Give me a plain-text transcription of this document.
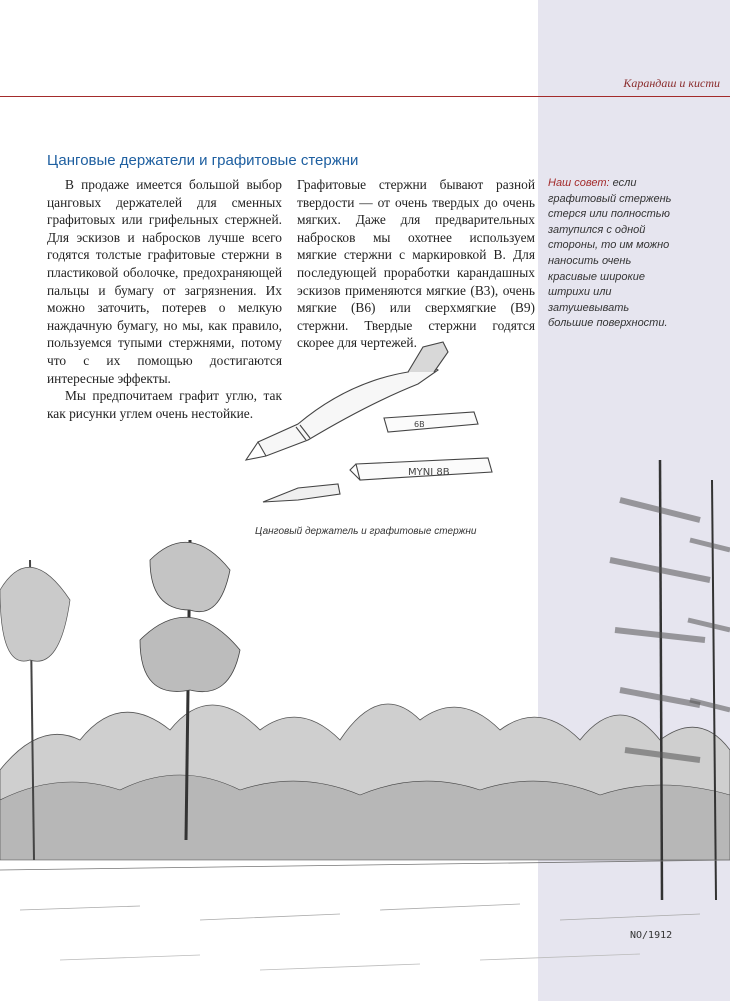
Карандаш и кисти
Цанговые держатели и графитовые стержни

В продаже имеется большой выбор цанговых держателей для сменных графитовых или грифельных стержней. Для эскизов и набросков лучше всего годятся толстые графитовые стержни в пластиковой оболочке, предохраняющей пальцы и бумагу от загрязнения. Их можно заточить, потерев о мелкую наждачную бумагу, но мы, как правило, пользуемся тупыми стержнями, потому что с их помощью достигаются интересные эффекты.

Мы предпочитаем графит углю, так как рисунки углем очень нестойкие.

Графитовые стержни бывают разной твердости — от очень твердых до очень мягких. Даже для предварительных набросков мы охотнее используем мягкие стержни с маркировкой В. Для последующей проработки карандашных эскизов применяются мягкие (В3), очень мягкие (В6) или сверхмягкие (В9) стержни. Твердые стержни годятся скорее для чертежей.

Наш совет: если графитовый стержень стерся или полностью затупился с одной стороны, то им можно наносить очень красивые широкие штрихи или затушевывать большие поверхности.
6B
MYNI 8B
Цанговый держатель и графитовые стержни
NO/1912
